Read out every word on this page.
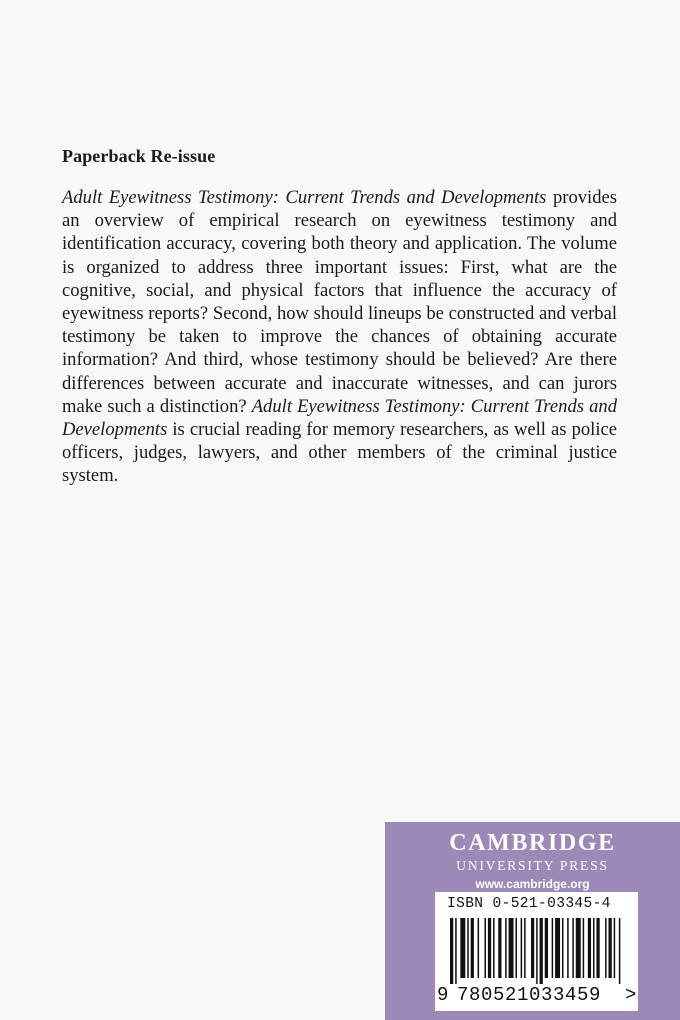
Paperback Re-issue
Adult Eyewitness Testimony: Current Trends and Developments provides an overview of empirical research on eyewitness testimony and identification accuracy, covering both theory and application. The volume is organized to address three important issues: First, what are the cognitive, social, and physical factors that influence the accuracy of eyewitness reports? Second, how should lineups be constructed and verbal testimony be taken to improve the chances of obtaining accurate information? And third, whose testimony should be believed? Are there differences between accurate and inaccurate witnesses, and can jurors make such a distinction? Adult Eyewitness Testimony: Current Trends and Developments is crucial reading for memory researchers, as well as police officers, judges, lawyers, and other members of the criminal justice system.
CAMBRIDGE
UNIVERSITY PRESS
www.cambridge.org
ISBN 0-521-03345-4
9 780521033459 >
